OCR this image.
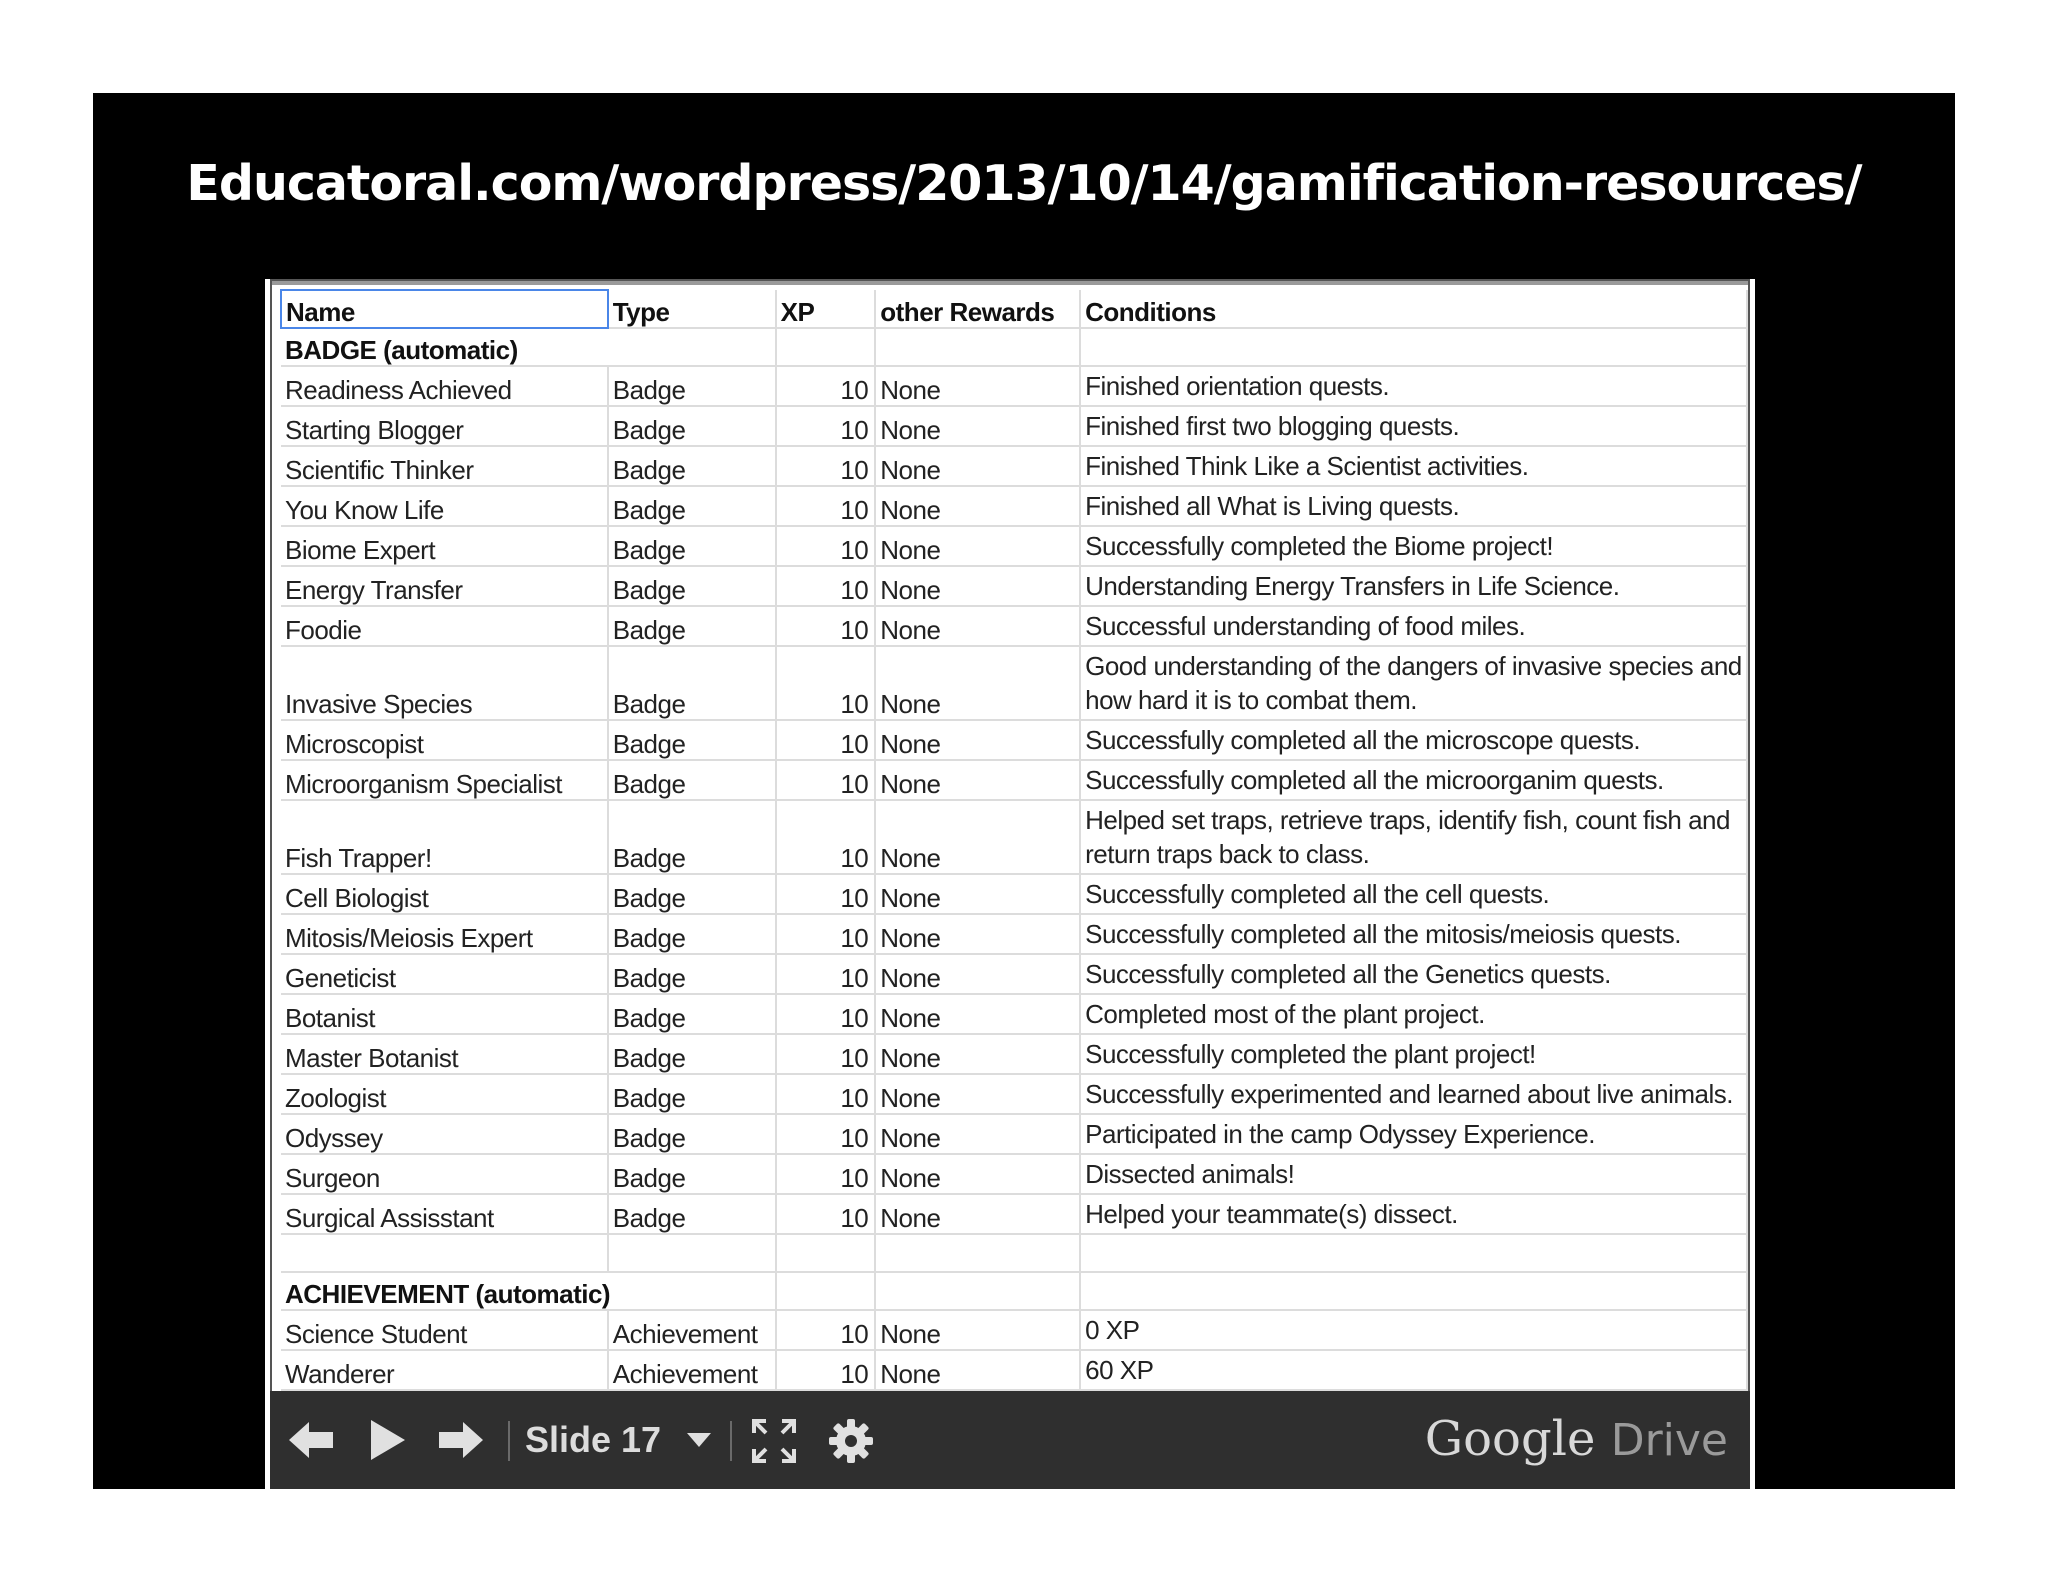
Educatoral.com/wordpress/2013/10/14/gamification-resources/
Name	Type	XP	other Rewards	Conditions
BADGE (automatic)				
Readiness Achieved	Badge	10	None	Finished orientation quests.
Starting Blogger	Badge	10	None	Finished first two blogging quests.
Scientific Thinker	Badge	10	None	Finished Think Like a Scientist activities.
You Know Life	Badge	10	None	Finished all What is Living quests.
Biome Expert	Badge	10	None	Successfully completed the Biome project!
Energy Transfer	Badge	10	None	Understanding Energy Transfers in Life Science.
Foodie	Badge	10	None	Successful understanding of food miles.
Invasive Species	Badge	10	None	Good understanding of the dangers of invasive species and how hard it is to combat them.
Microscopist	Badge	10	None	Successfully completed all the microscope quests.
Microorganism Specialist	Badge	10	None	Successfully completed all the microorganim quests.
Fish Trapper!	Badge	10	None	Helped set traps, retrieve traps, identify fish, count fish and return traps back to class.
Cell Biologist	Badge	10	None	Successfully completed all the cell quests.
Mitosis/Meiosis Expert	Badge	10	None	Successfully completed all the mitosis/meiosis quests.
Geneticist	Badge	10	None	Successfully completed all the Genetics quests.
Botanist	Badge	10	None	Completed most of the plant project.
Master Botanist	Badge	10	None	Successfully completed the plant project!
Zoologist	Badge	10	None	Successfully experimented and learned about live animals.
Odyssey	Badge	10	None	Participated in the camp Odyssey Experience.
Surgeon	Badge	10	None	Dissected animals!
Surgical Assisstant	Badge	10	None	Helped your teammate(s) dissect.

ACHIEVEMENT (automatic)				
Science Student	Achievement	10	None	0 XP
Wanderer	Achievement	10	None	60 XP

Slide 17	Google Drive
